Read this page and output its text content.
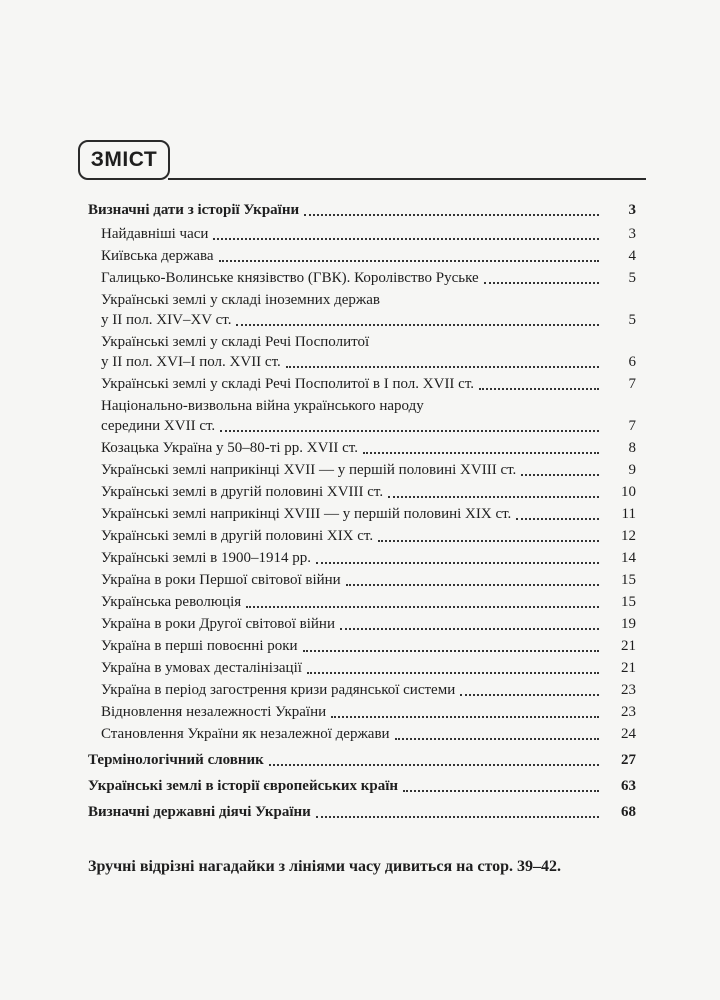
ЗМІСТ
Визначні дати з історії України	3
Найдавніші часи	3
Київська держава	4
Галицько-Волинське князівство (ГВК). Королівство Руське	5
Українські землі у складі іноземних держав
у ІІ пол. XIV–XV ст.	5
Українські землі у складі Речі Посполитої
у ІІ пол. XVI–І пол. XVII ст.	6
Українські землі у складі Речі Посполитої в І пол. XVII ст.	7
Національно-визвольна війна українського народу
середини XVII ст.	7
Козацька Україна у 50–80-ті рр. XVII ст.	8
Українські землі наприкінці XVII — у першій половині XVIII ст.	9
Українські землі в другій половині XVIII ст.	10
Українські землі наприкінці XVIII — у першій половині XIX ст.	11
Українські землі в другій половині XIX ст.	12
Українські землі в 1900–1914 рр.	14
Україна в роки Першої світової війни	15
Українська революція	15
Україна в роки Другої світової війни	19
Україна в перші повоєнні роки	21
Україна в умовах десталінізації	21
Україна в період загострення кризи радянської системи	23
Відновлення незалежності України	23
Становлення України як незалежної держави	24
Термінологічний словник	27
Українські землі в історії європейських країн	63
Визначні державні діячі України	68
Зручні відрізні нагадайки з лініями часу дивиться на стор. 39–42.
